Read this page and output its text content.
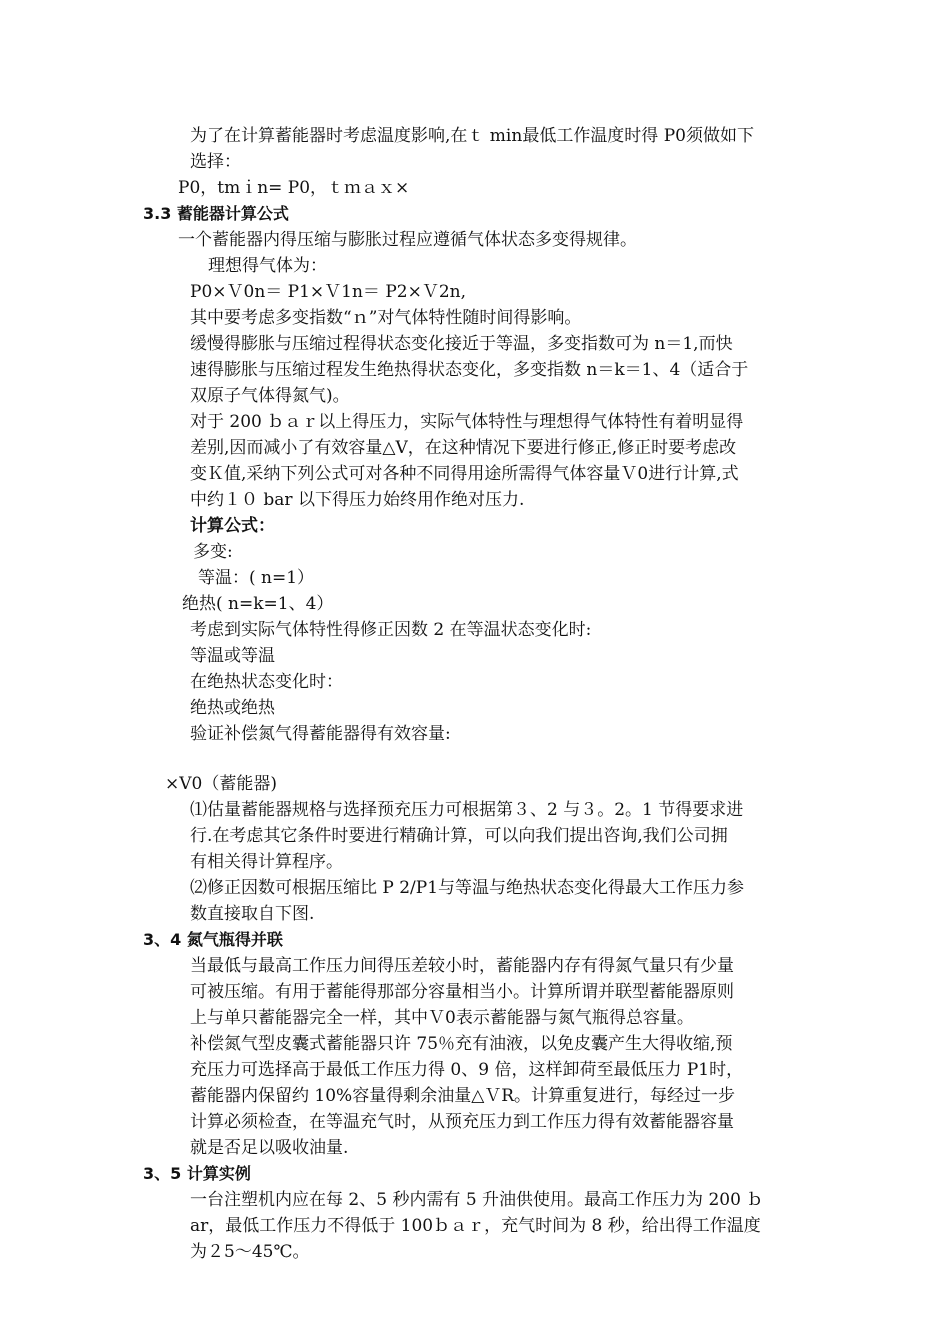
为了在计算蓄能器时考虑温度影响,在ｔ min最低工作温度时得 P0须做如下
选择：
P0，tmｉn= P0，ｔｍａｘ×
3.3 蓄能器计算公式
一个蓄能器内得压缩与膨胀过程应遵循气体状态多变得规律。
理想得气体为：
P0×Ｖ0n＝ P1×Ｖ1n＝ P2×Ｖ2n,
其中要考虑多变指数“ｎ”对气体特性随时间得影响。
缓慢得膨胀与压缩过程得状态变化接近于等温，多变指数可为 n＝1,而快
速得膨胀与压缩过程发生绝热得状态变化，多变指数 n＝k＝1、4（适合于
双原子气体得氮气)。
对于 200 ｂａｒ以上得压力，实际气体特性与理想得气体特性有着明显得
差别,因而减小了有效容量△V，在这种情况下要进行修正,修正时要考虑改
变Ｋ值,采纳下列公式可对各种不同得用途所需得气体容量Ｖ0进行计算,式
中约１０ bar 以下得压力始终用作绝对压力.
计算公式：
多变:
等温：( n=1）
绝热( n=k=1、4）
考虑到实际气体特性得修正因数 2 在等温状态变化时:
等温或等温
在绝热状态变化时：
绝热或绝热
验证补偿氮气得蓄能器得有效容量:
×V0（蓄能器)
⑴估量蓄能器规格与选择预充压力可根据第３、2 与３。2。1 节得要求进
行.在考虑其它条件时要进行精确计算，可以向我们提出咨询,我们公司拥
有相关得计算程序。
⑵修正因数可根据压缩比 P 2/P1与等温与绝热状态变化得最大工作压力参
数直接取自下图.
3、4 氮气瓶得并联
当最低与最高工作压力间得压差较小时，蓄能器内存有得氮气量只有少量
可被压缩。有用于蓄能得那部分容量相当小。计算所谓并联型蓄能器原则
上与单只蓄能器完全一样，其中Ｖ0表示蓄能器与氮气瓶得总容量。
补偿氮气型皮囊式蓄能器只许 75％充有油液，以免皮囊产生大得收缩,预
充压力可选择高于最低工作压力得 0、9 倍，这样卸荷至最低压力 P1时，
蓄能器内保留约 10%容量得剩余油量△ＶR。计算重复进行，每经过一步
计算必须检查，在等温充气时，从预充压力到工作压力得有效蓄能器容量
就是否足以吸收油量.
3、5 计算实例
一台注塑机内应在每 2、5 秒内需有 5 升油供使用。最高工作压力为 200 ｂ
ar，最低工作压力不得低于 100ｂａｒ，充气时间为 8 秒，给出得工作温度
为２5～45℃。
